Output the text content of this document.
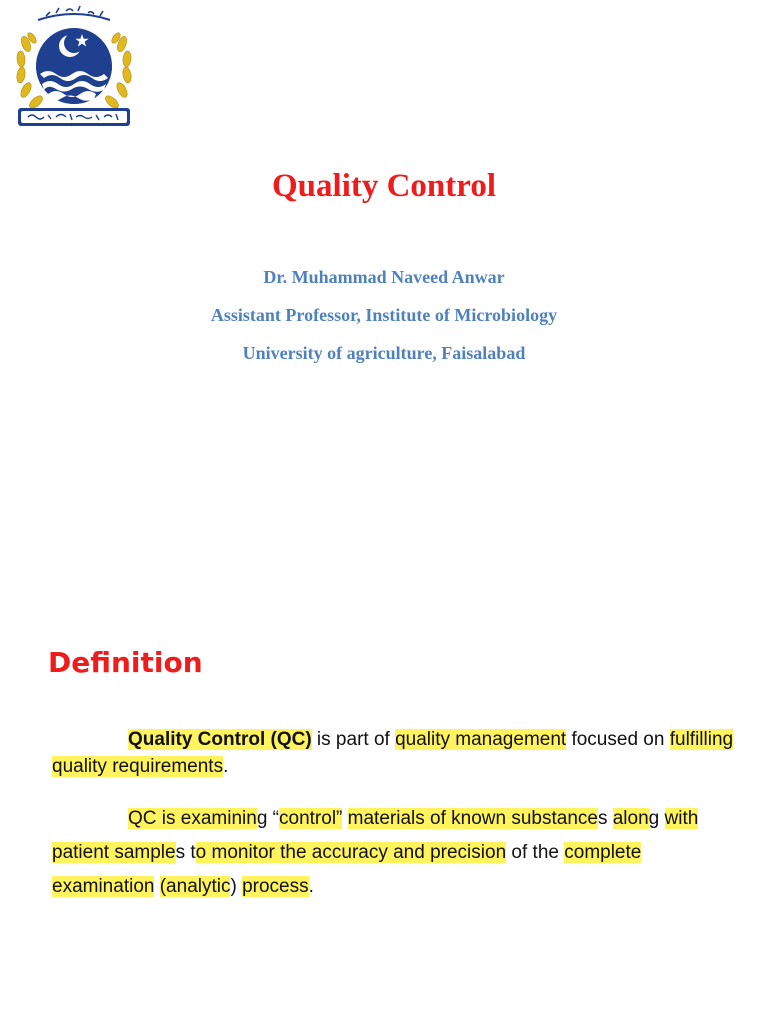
Quality Control

Dr. Muhammad Naveed Anwar

Assistant Professor, Institute of Microbiology

University of agriculture, Faisalabad

Definition

Quality Control (QC) is part of quality management focused on fulfilling quality requirements.

QC is examining “control” materials of known substances along with patient samples to monitor the accuracy and precision of the complete examination (analytic) process.
